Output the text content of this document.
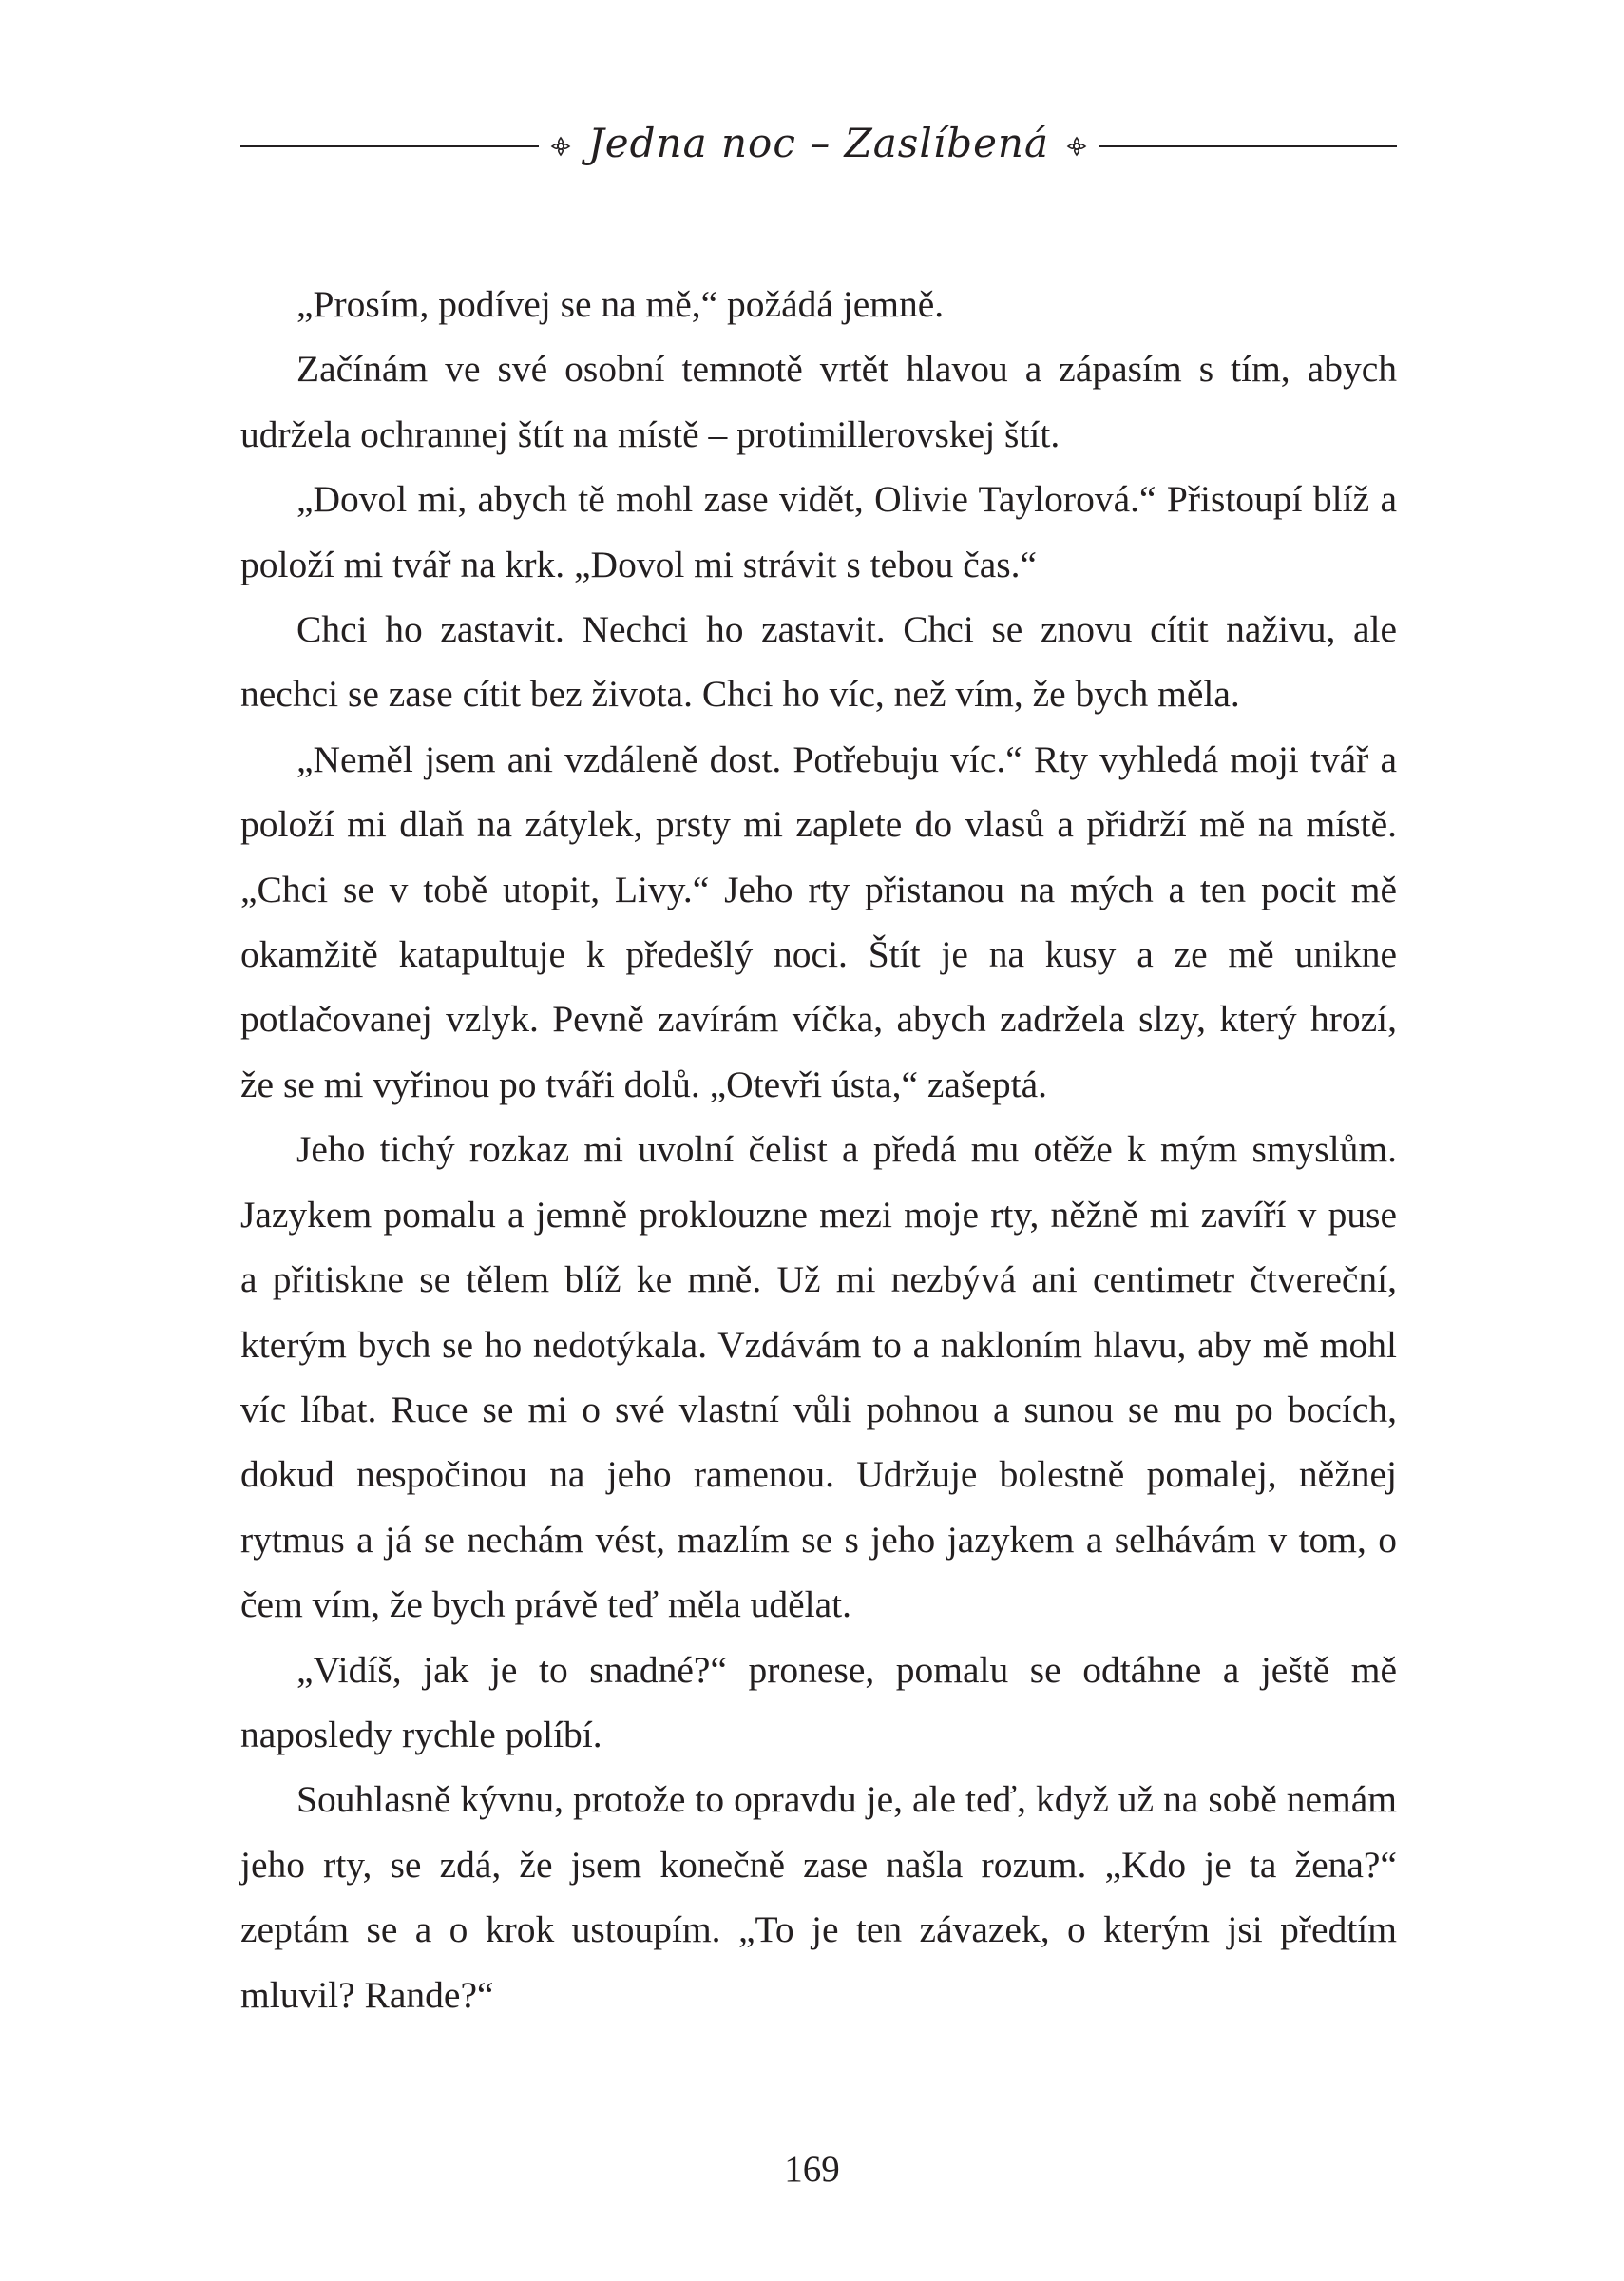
Jedna noc – Zaslíbená

„Prosím, podívej se na mě,“ požádá jemně.

Začínám ve své osobní temnotě vrtět hlavou a zápasím s tím, abych udržela ochrannej štít na místě – protimillerovskej štít.

„Dovol mi, abych tě mohl zase vidět, Olivie Taylorová.“ Přistoupí blíž a položí mi tvář na krk. „Dovol mi strávit s tebou čas.“

Chci ho zastavit. Nechci ho zastavit. Chci se znovu cítit naživu, ale nechci se zase cítit bez života. Chci ho víc, než vím, že bych měla.

„Neměl jsem ani vzdáleně dost. Potřebuju víc.“ Rty vyhledá moji tvář a položí mi dlaň na zátylek, prsty mi zaplete do vlasů a přidrží mě na místě. „Chci se v tobě utopit, Livy.“ Jeho rty přistanou na mých a ten pocit mě okamžitě katapultuje k předešlý noci. Štít je na kusy a ze mě unikne potlačovanej vzlyk. Pevně zavírám víčka, abych zadržela slzy, který hrozí, že se mi vyřinou po tváři dolů. „Otevři ústa,“ zašeptá.

Jeho tichý rozkaz mi uvolní čelist a předá mu otěže k mým smyslům. Jazykem pomalu a jemně proklouzne mezi moje rty, něžně mi zavíří v puse a přitiskne se tělem blíž ke mně. Už mi nezbývá ani centimetr čtvereční, kterým bych se ho nedotýkala. Vzdávám to a nakloním hlavu, aby mě mohl víc líbat. Ruce se mi o své vlastní vůli pohnou a sunou se mu po bocích, dokud nespočinou na jeho ramenou. Udržuje bolestně pomalej, něžnej rytmus a já se nechám vést, mazlím se s jeho jazykem a selhávám v tom, o čem vím, že bych právě teď měla udělat.

„Vidíš, jak je to snadné?“ pronese, pomalu se odtáhne a ještě mě naposledy rychle políbí.

Souhlasně kývnu, protože to opravdu je, ale teď, když už na sobě nemám jeho rty, se zdá, že jsem konečně zase našla rozum. „Kdo je ta žena?“ zeptám se a o krok ustoupím. „To je ten závazek, o kterým jsi předtím mluvil? Rande?“

169
